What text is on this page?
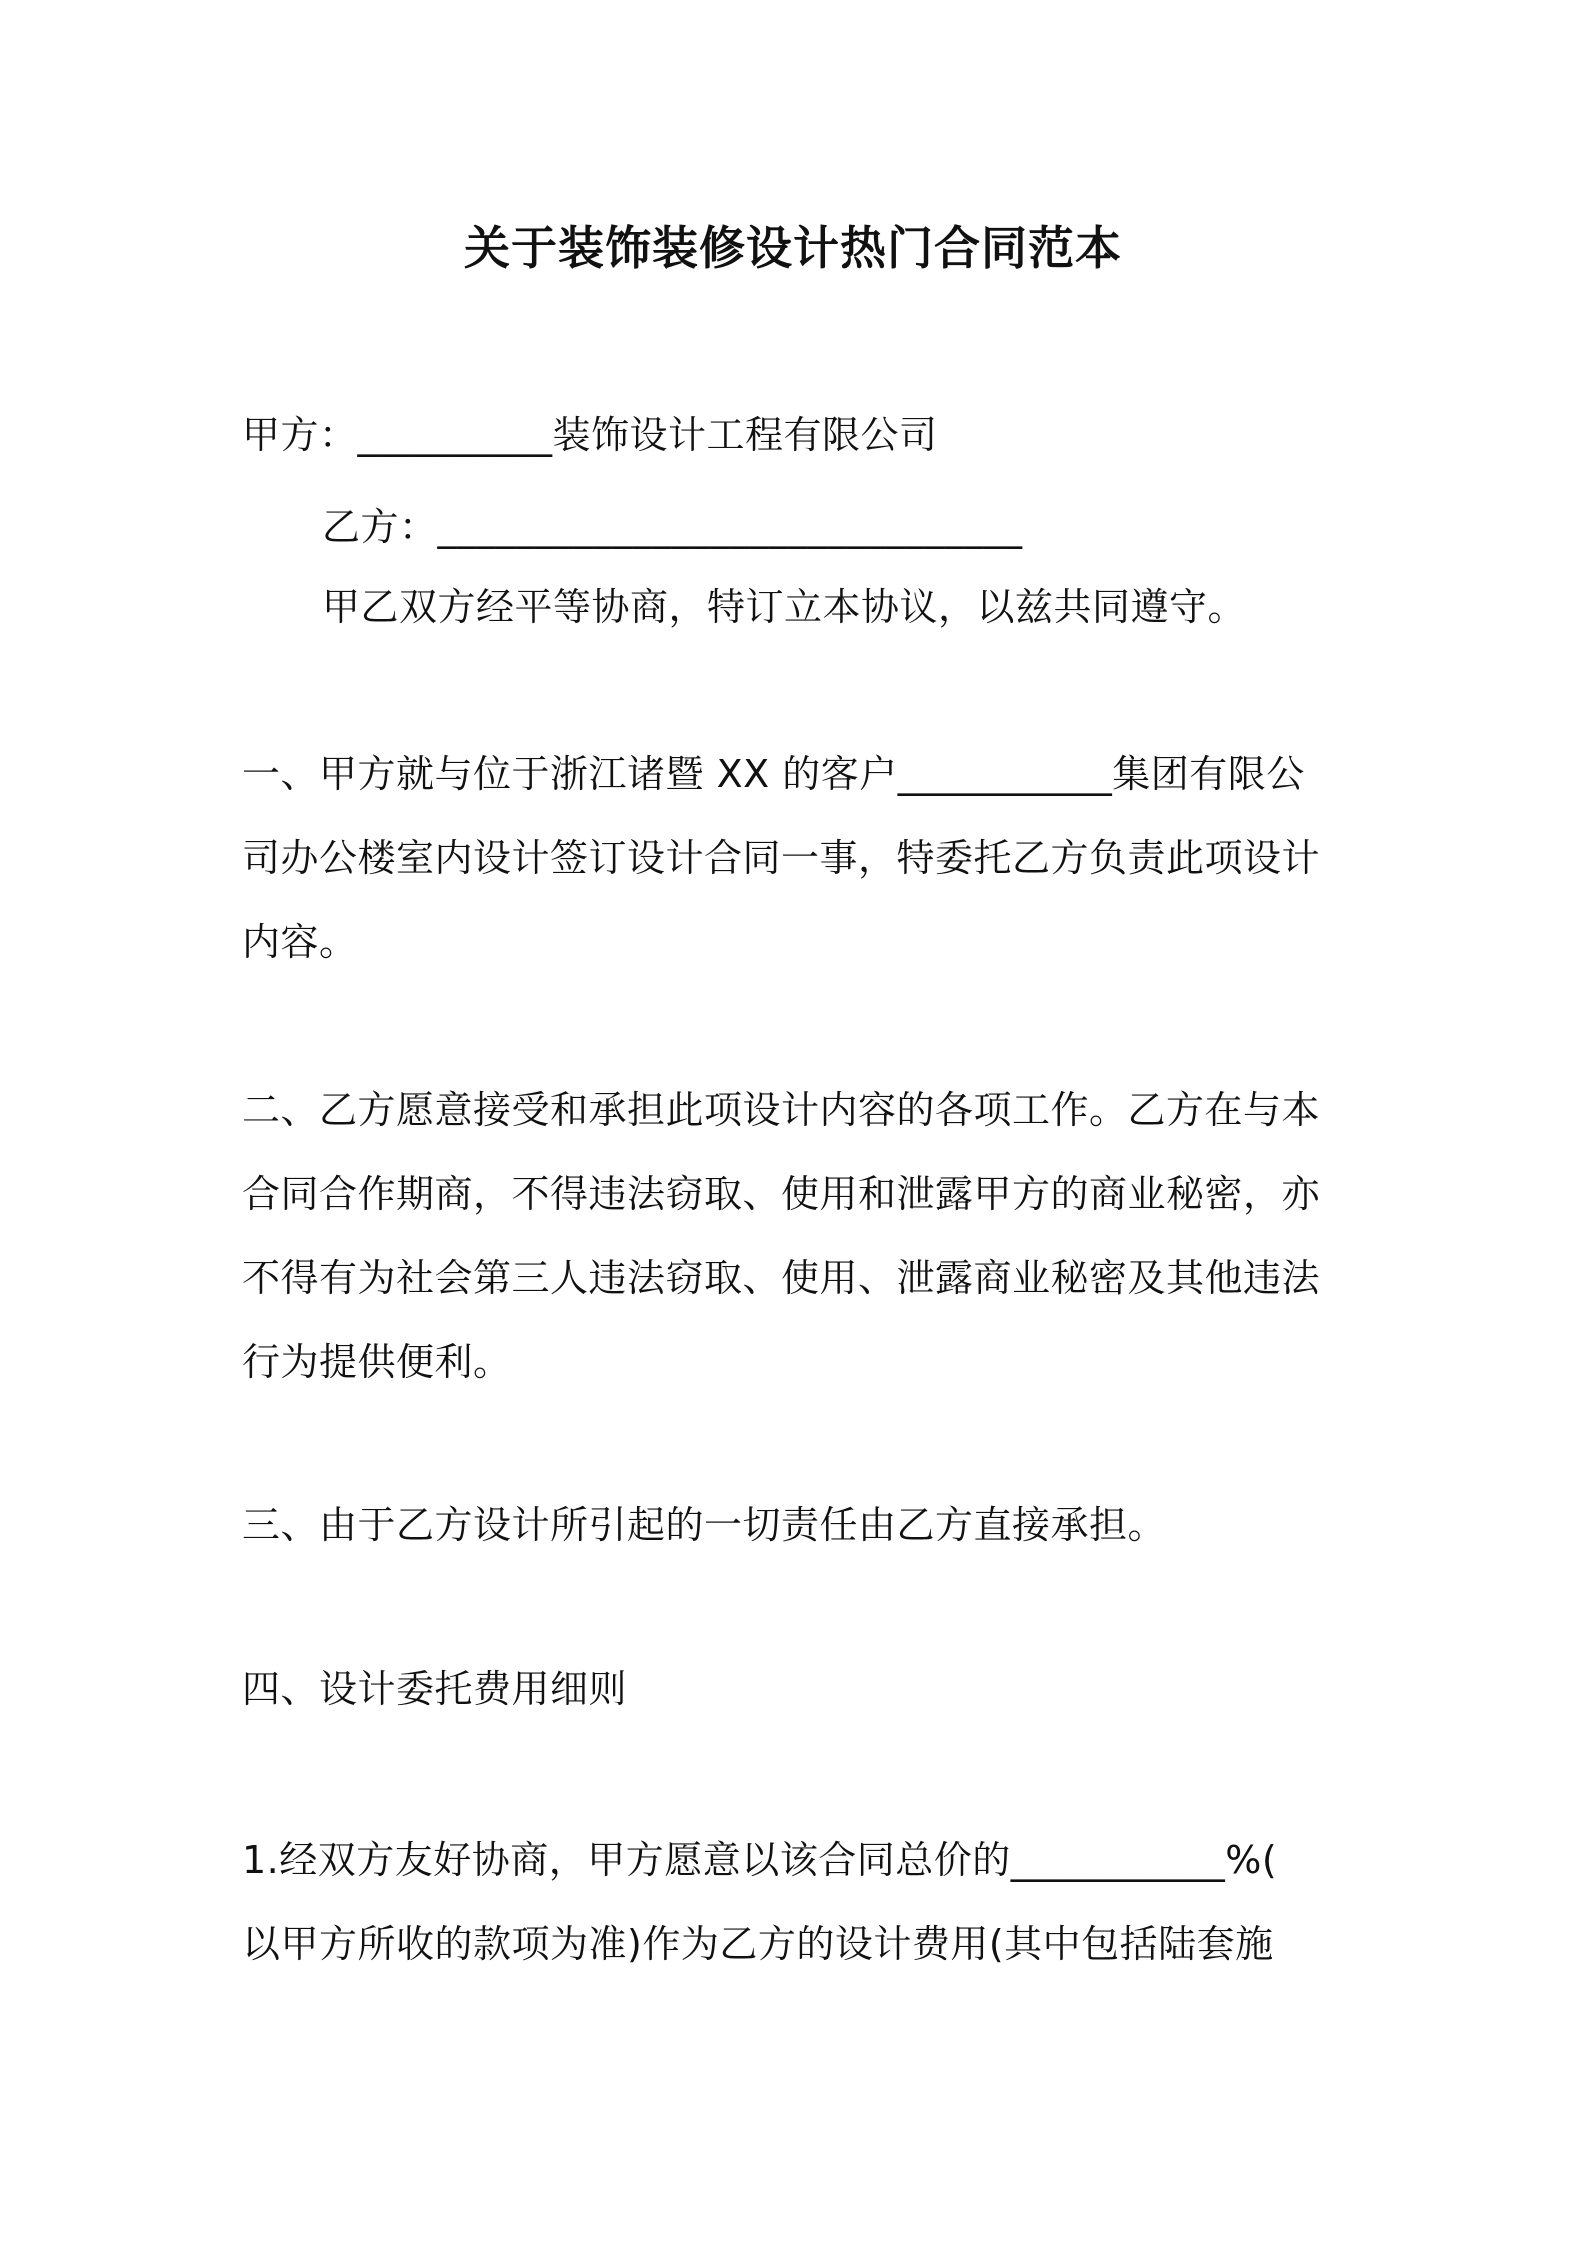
关于装饰装修设计热门合同范本
甲方：__________装饰设计工程有限公司
乙方：______________________________
甲乙双方经平等协商，特订立本协议，以兹共同遵守。

一、甲方就与位于浙江诸暨 XX 的客户___________集团有限公

司办公楼室内设计签订设计合同一事，特委托乙方负责此项设计

内容。

二、乙方愿意接受和承担此项设计内容的各项工作。乙方在与本

合同合作期商，不得违法窃取、使用和泄露甲方的商业秘密，亦

不得有为社会第三人违法窃取、使用、泄露商业秘密及其他违法

行为提供便利。

三、由于乙方设计所引起的一切责任由乙方直接承担。
四、设计委托费用细则

1.经双方友好协商，甲方愿意以该合同总价的___________%(

以甲方所收的款项为准)作为乙方的设计费用(其中包括陆套施
